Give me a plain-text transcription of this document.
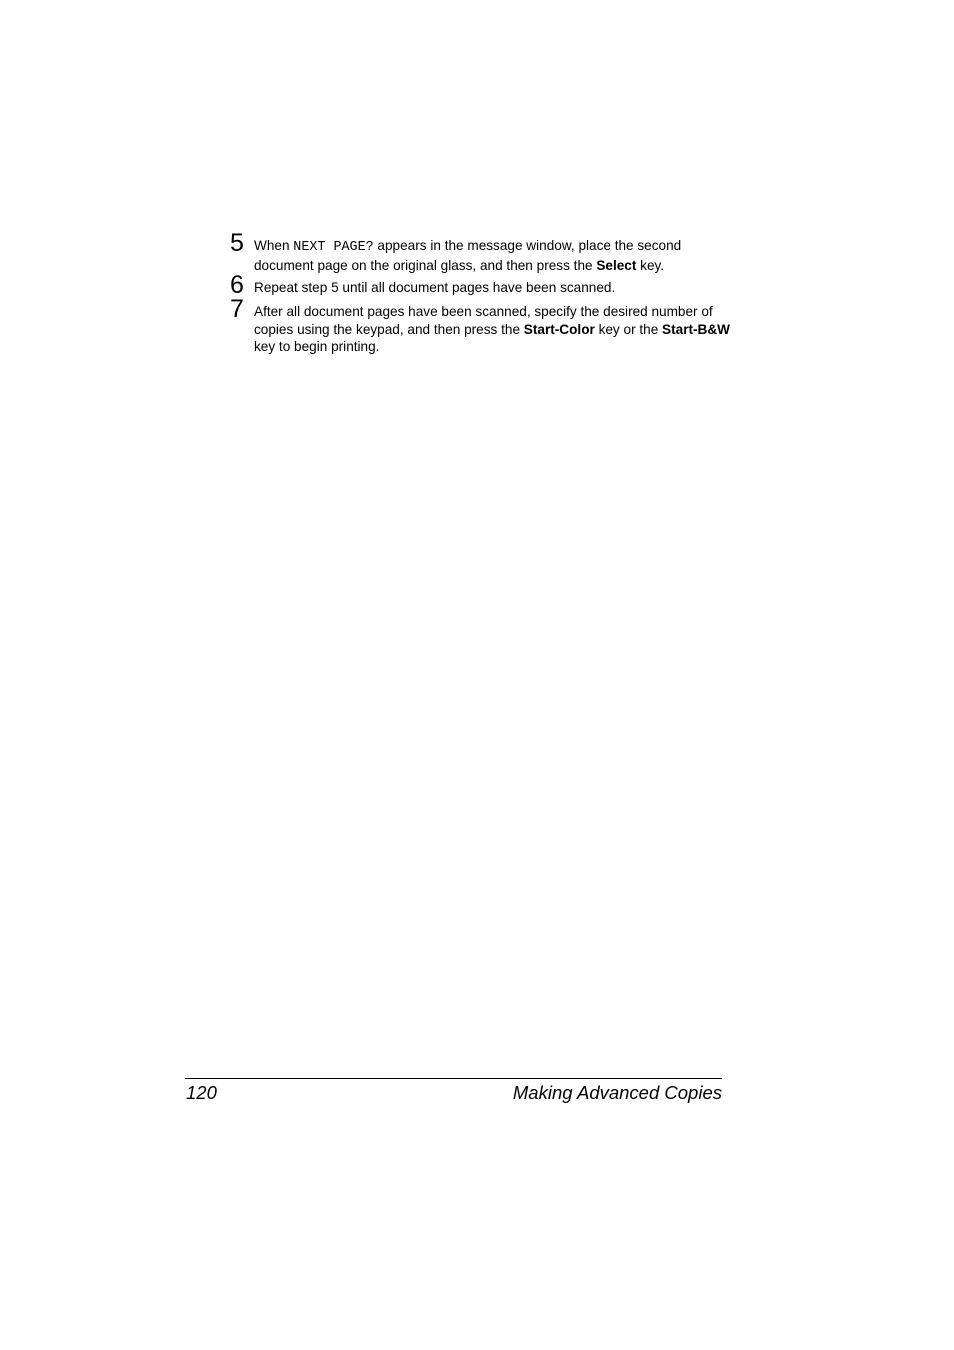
5 When NEXT PAGE? appears in the message window, place the second document page on the original glass, and then press the Select key.
6 Repeat step 5 until all document pages have been scanned.
7 After all document pages have been scanned, specify the desired number of copies using the keypad, and then press the Start-Color key or the Start-B&W key to begin printing.
120	Making Advanced Copies
